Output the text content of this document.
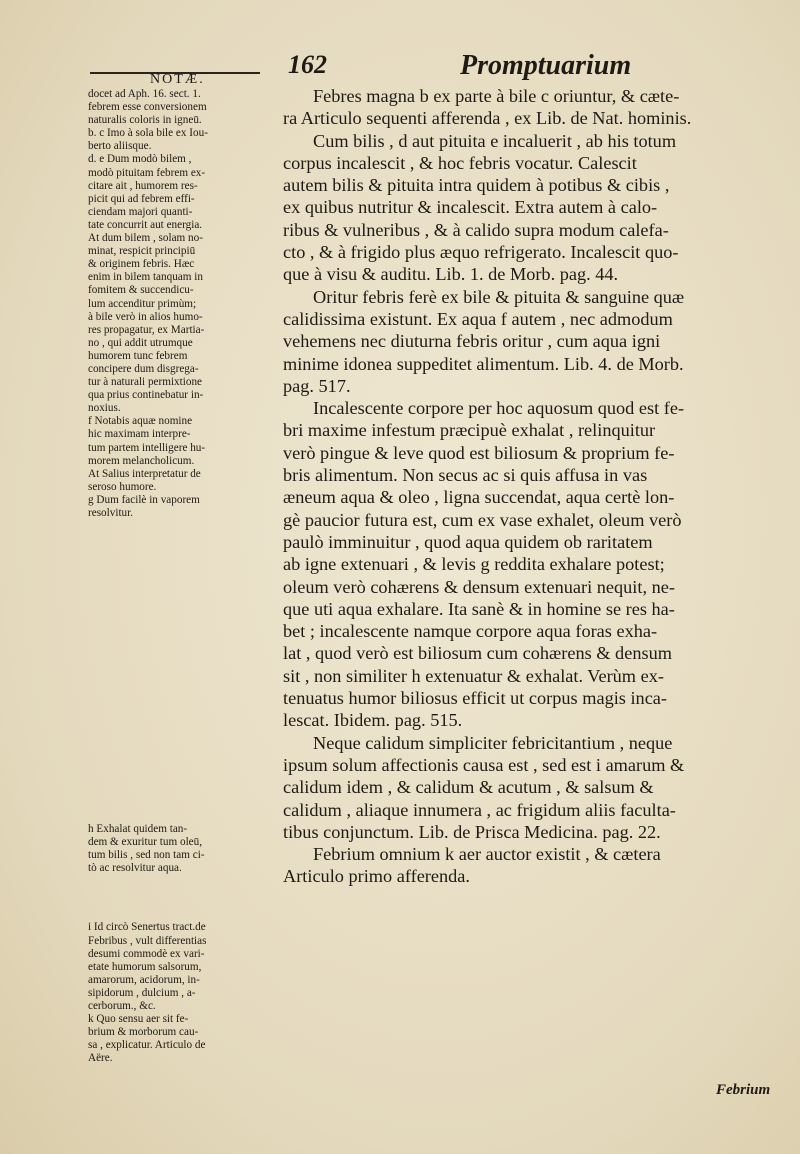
NOTÆ.
162	Promptuarium
docet ad Aph. 16. sect. 1.
febrem esse conversionem
naturalis coloris in igneū.
b. c Imo à sola bile ex Iou-
berto aliisque.
d. e Dum modò bilem ,
modò pituitam febrem ex-
citare ait , humorem res-
picit qui ad febrem effi-
ciendam majori quanti-
tate concurrit aut energia.
At dum bilem , solam no-
minat, respicit principiū
& originem febris. Hæc
enim in bilem tanquam in
fomitem & succendicu-
lum accenditur primùm;
à bile verò in alios humo-
res propagatur, ex Martia-
no , qui addit utrumque
humorem tunc febrem
concipere dum disgrega-
tur à naturali permixtione
qua prius continebatur in-
noxius.
f Notabis aquæ nomine
hic maximam interpre-
tum partem intelligere hu-
morem melancholicum.
At Salius interpretatur de
seroso humore.
g Dum facilè in vaporem
resolvitur.
h Exhalat quidem tan-
dem & exuritur tum oleū,
tum bilis , sed non tam ci-
tò ac resolvitur aqua.
i Id circò Senertus tract.de
Febribus , vult differentias
desumi commodè ex vari-
etate humorum salsorum,
amarorum, acidorum, in-
sipidorum , dulcium , a-
cerborum., &c.
k Quo sensu aer sit fe-
brium & morborum cau-
sa , explicatur. Articulo de
Aëre.
Febres magna b ex parte à bile c oriuntur, & cæte-
ra Articulo sequenti afferenda , ex Lib. de Nat. hominis.
Cum bilis , d aut pituita e incaluerit , ab his totum
corpus incalescit , & hoc febris vocatur. Calescit
autem bilis & pituita intra quidem à potibus & cibis ,
ex quibus nutritur & incalescit. Extra autem à calo-
ribus & vulneribus , & à calido supra modum calefa-
cto , & à frigido plus æquo refrigerato. Incalescit quo-
que à visu & auditu. Lib. 1. de Morb. pag. 44.
Oritur febris ferè ex bile & pituita & sanguine quæ
calidissima existunt. Ex aqua f autem , nec admodum
vehemens nec diuturna febris oritur , cum aqua igni
minime idonea suppeditet alimentum. Lib. 4. de Morb.
pag. 517.
Incalescente corpore per hoc aquosum quod est fe-
bri maxime infestum præcipuè exhalat , relinquitur
verò pingue & leve quod est biliosum & proprium fe-
bris alimentum. Non secus ac si quis affusa in vas
æneum aqua & oleo , ligna succendat, aqua certè lon-
gè paucior futura est, cum ex vase exhalet, oleum verò
paulò imminuitur , quod aqua quidem ob raritatem
ab igne extenuari , & levis g reddita exhalare potest;
oleum verò cohærens & densum extenuari nequit, ne-
que uti aqua exhalare. Ita sanè & in homine se res ha-
bet ; incalescente namque corpore aqua foras exha-
lat , quod verò est biliosum cum cohærens & densum
sit , non similiter h extenuatur & exhalat. Verùm ex-
tenuatus humor biliosus efficit ut corpus magis inca-
lescat. Ibidem. pag. 515.
Neque calidum simpliciter febricitantium , neque
ipsum solum affectionis causa est , sed est i amarum &
calidum idem , & calidum & acutum , & salsum &
calidum , aliaque innumera , ac frigidum aliis faculta-
tibus conjunctum. Lib. de Prisca Medicina. pag. 22.
Febrium omnium k aer auctor existit , & cætera
Articulo primo afferenda.
Febrium
